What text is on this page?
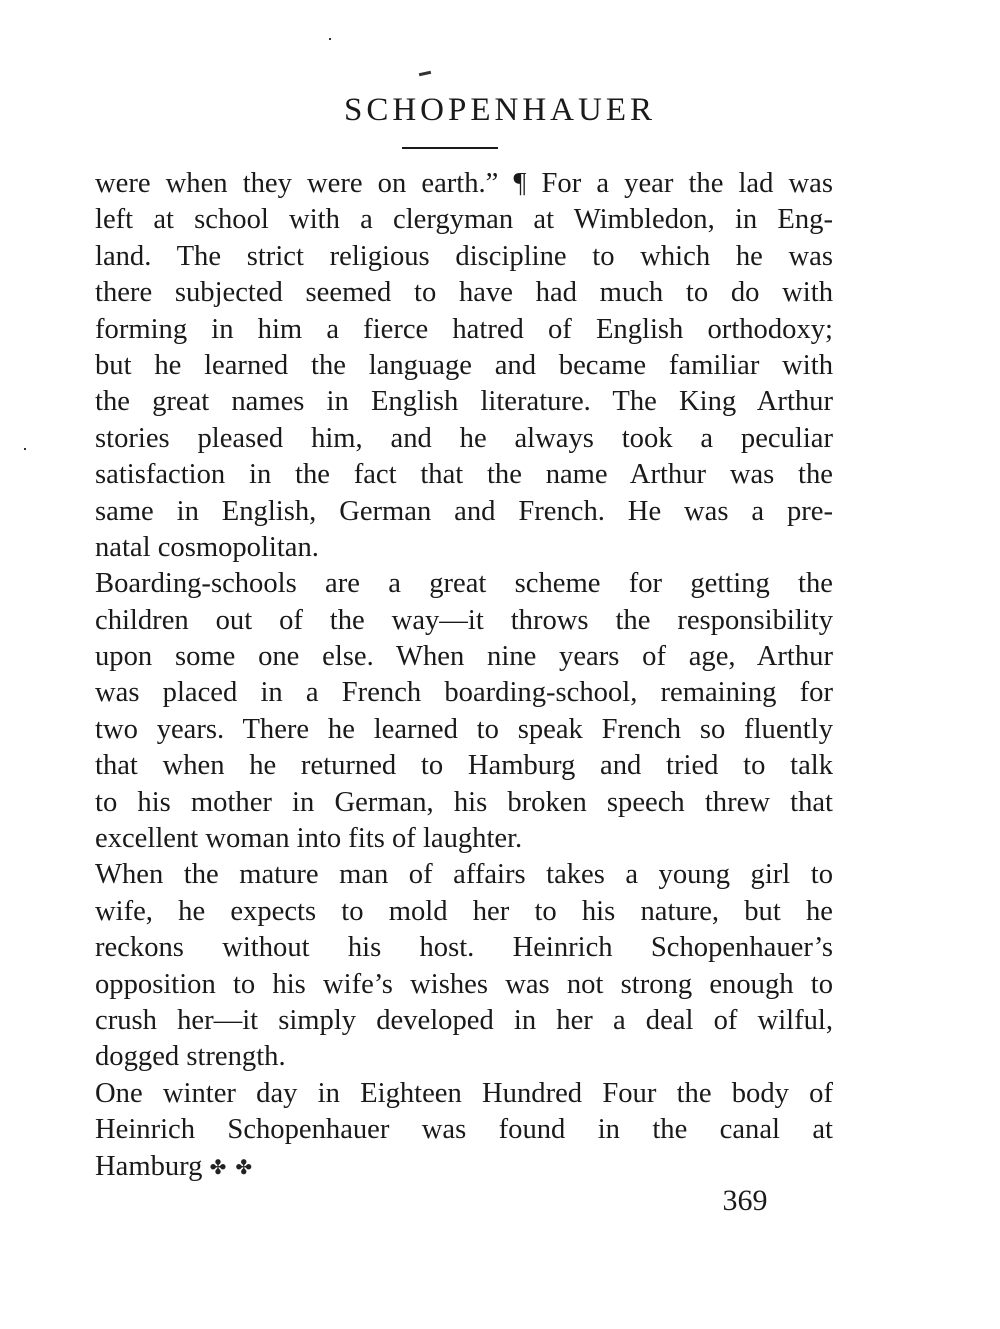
SCHOPENHAUER
were when they were on earth.” ¶ For a year the lad was
left at school with a clergyman at Wimbledon, in Eng-
land. The strict religious discipline to which he was
there subjected seemed to have had much to do with
forming in him a fierce hatred of English orthodoxy;
but he learned the language and became familiar with
the great names in English literature. The King Arthur
stories pleased him, and he always took a peculiar
satisfaction in the fact that the name Arthur was the
same in English, German and French. He was a pre-
natal cosmopolitan.
Boarding-schools are a great scheme for getting the
children out of the way—it throws the responsibility
upon some one else. When nine years of age, Arthur
was placed in a French boarding-school, remaining for
two years. There he learned to speak French so fluently
that when he returned to Hamburg and tried to talk
to his mother in German, his broken speech threw that
excellent woman into fits of laughter.
When the mature man of affairs takes a young girl to
wife, he expects to mold her to his nature, but he
reckons without his host. Heinrich Schopenhauer’s
opposition to his wife’s wishes was not strong enough to
crush her—it simply developed in her a deal of wilful,
dogged strength.
One winter day in Eighteen Hundred Four the body of
Heinrich Schopenhauer was found in the canal at
Hamburg ✤ ✤
369
